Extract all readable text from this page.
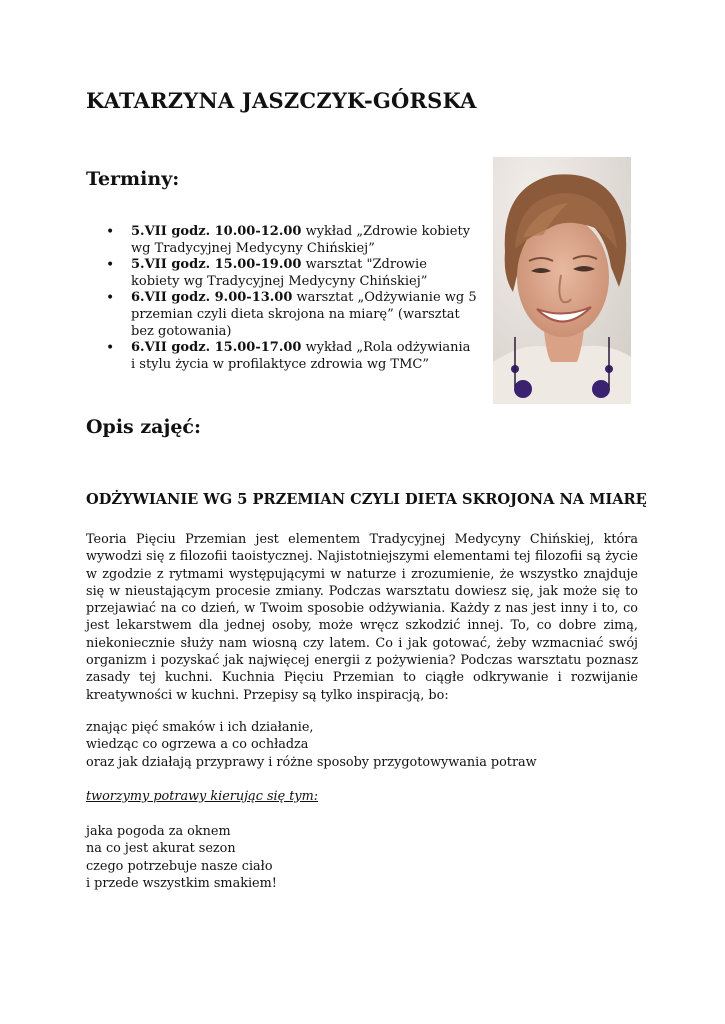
KATARZYNA JASZCZYK-GÓRSKA
Terminy:
• 5.VII godz. 10.00-12.00 wykład „Zdrowie kobiety wg Tradycyjnej Medycyny Chińskiej”
• 5.VII godz. 15.00-19.00 warsztat "Zdrowie kobiety wg Tradycyjnej Medycyny Chińskiej”
• 6.VII godz. 9.00-13.00 warsztat „Odżywianie wg 5 przemian czyli dieta skrojona na miarę” (warsztat bez gotowania)
• 6.VII godz. 15.00-17.00 wykład „Rola odżywiania i stylu życia w profilaktyce zdrowia wg TMC”
Opis zajęć:
ODŻYWIANIE WG 5 PRZEMIAN CZYLI DIETA SKROJONA NA MIARĘ

Teoria Pięciu Przemian jest elementem Tradycyjnej Medycyny Chińskiej, która wywodzi się z filozofii taoistycznej. Najistotniejszymi elementami tej filozofii są życie w zgodzie z rytmami występującymi w naturze i zrozumienie, że wszystko znajduje się w nieustającym procesie zmiany. Podczas warsztatu dowiesz się, jak może się to przejawiać na co dzień, w Twoim sposobie odżywiania. Każdy z nas jest inny i to, co jest lekarstwem dla jednej osoby, może wręcz szkodzić innej. To, co dobre zimą, niekoniecznie służy nam wiosną czy latem. Co i jak gotować, żeby wzmacniać swój organizm i pozyskać jak najwięcej energii z pożywienia? Podczas warsztatu poznasz zasady tej kuchni. Kuchnia Pięciu Przemian to ciągłe odkrywanie i rozwijanie kreatywności w kuchni. Przepisy są tylko inspiracją, bo:

znając pięć smaków i ich działanie,
wiedząc co ogrzewa a co ochładza
oraz jak działają przyprawy i różne sposoby przygotowywania potraw

tworzymy potrawy kierując się tym:

jaka pogoda za oknem
na co jest akurat sezon
czego potrzebuje nasze ciało
i przede wszystkim smakiem!
